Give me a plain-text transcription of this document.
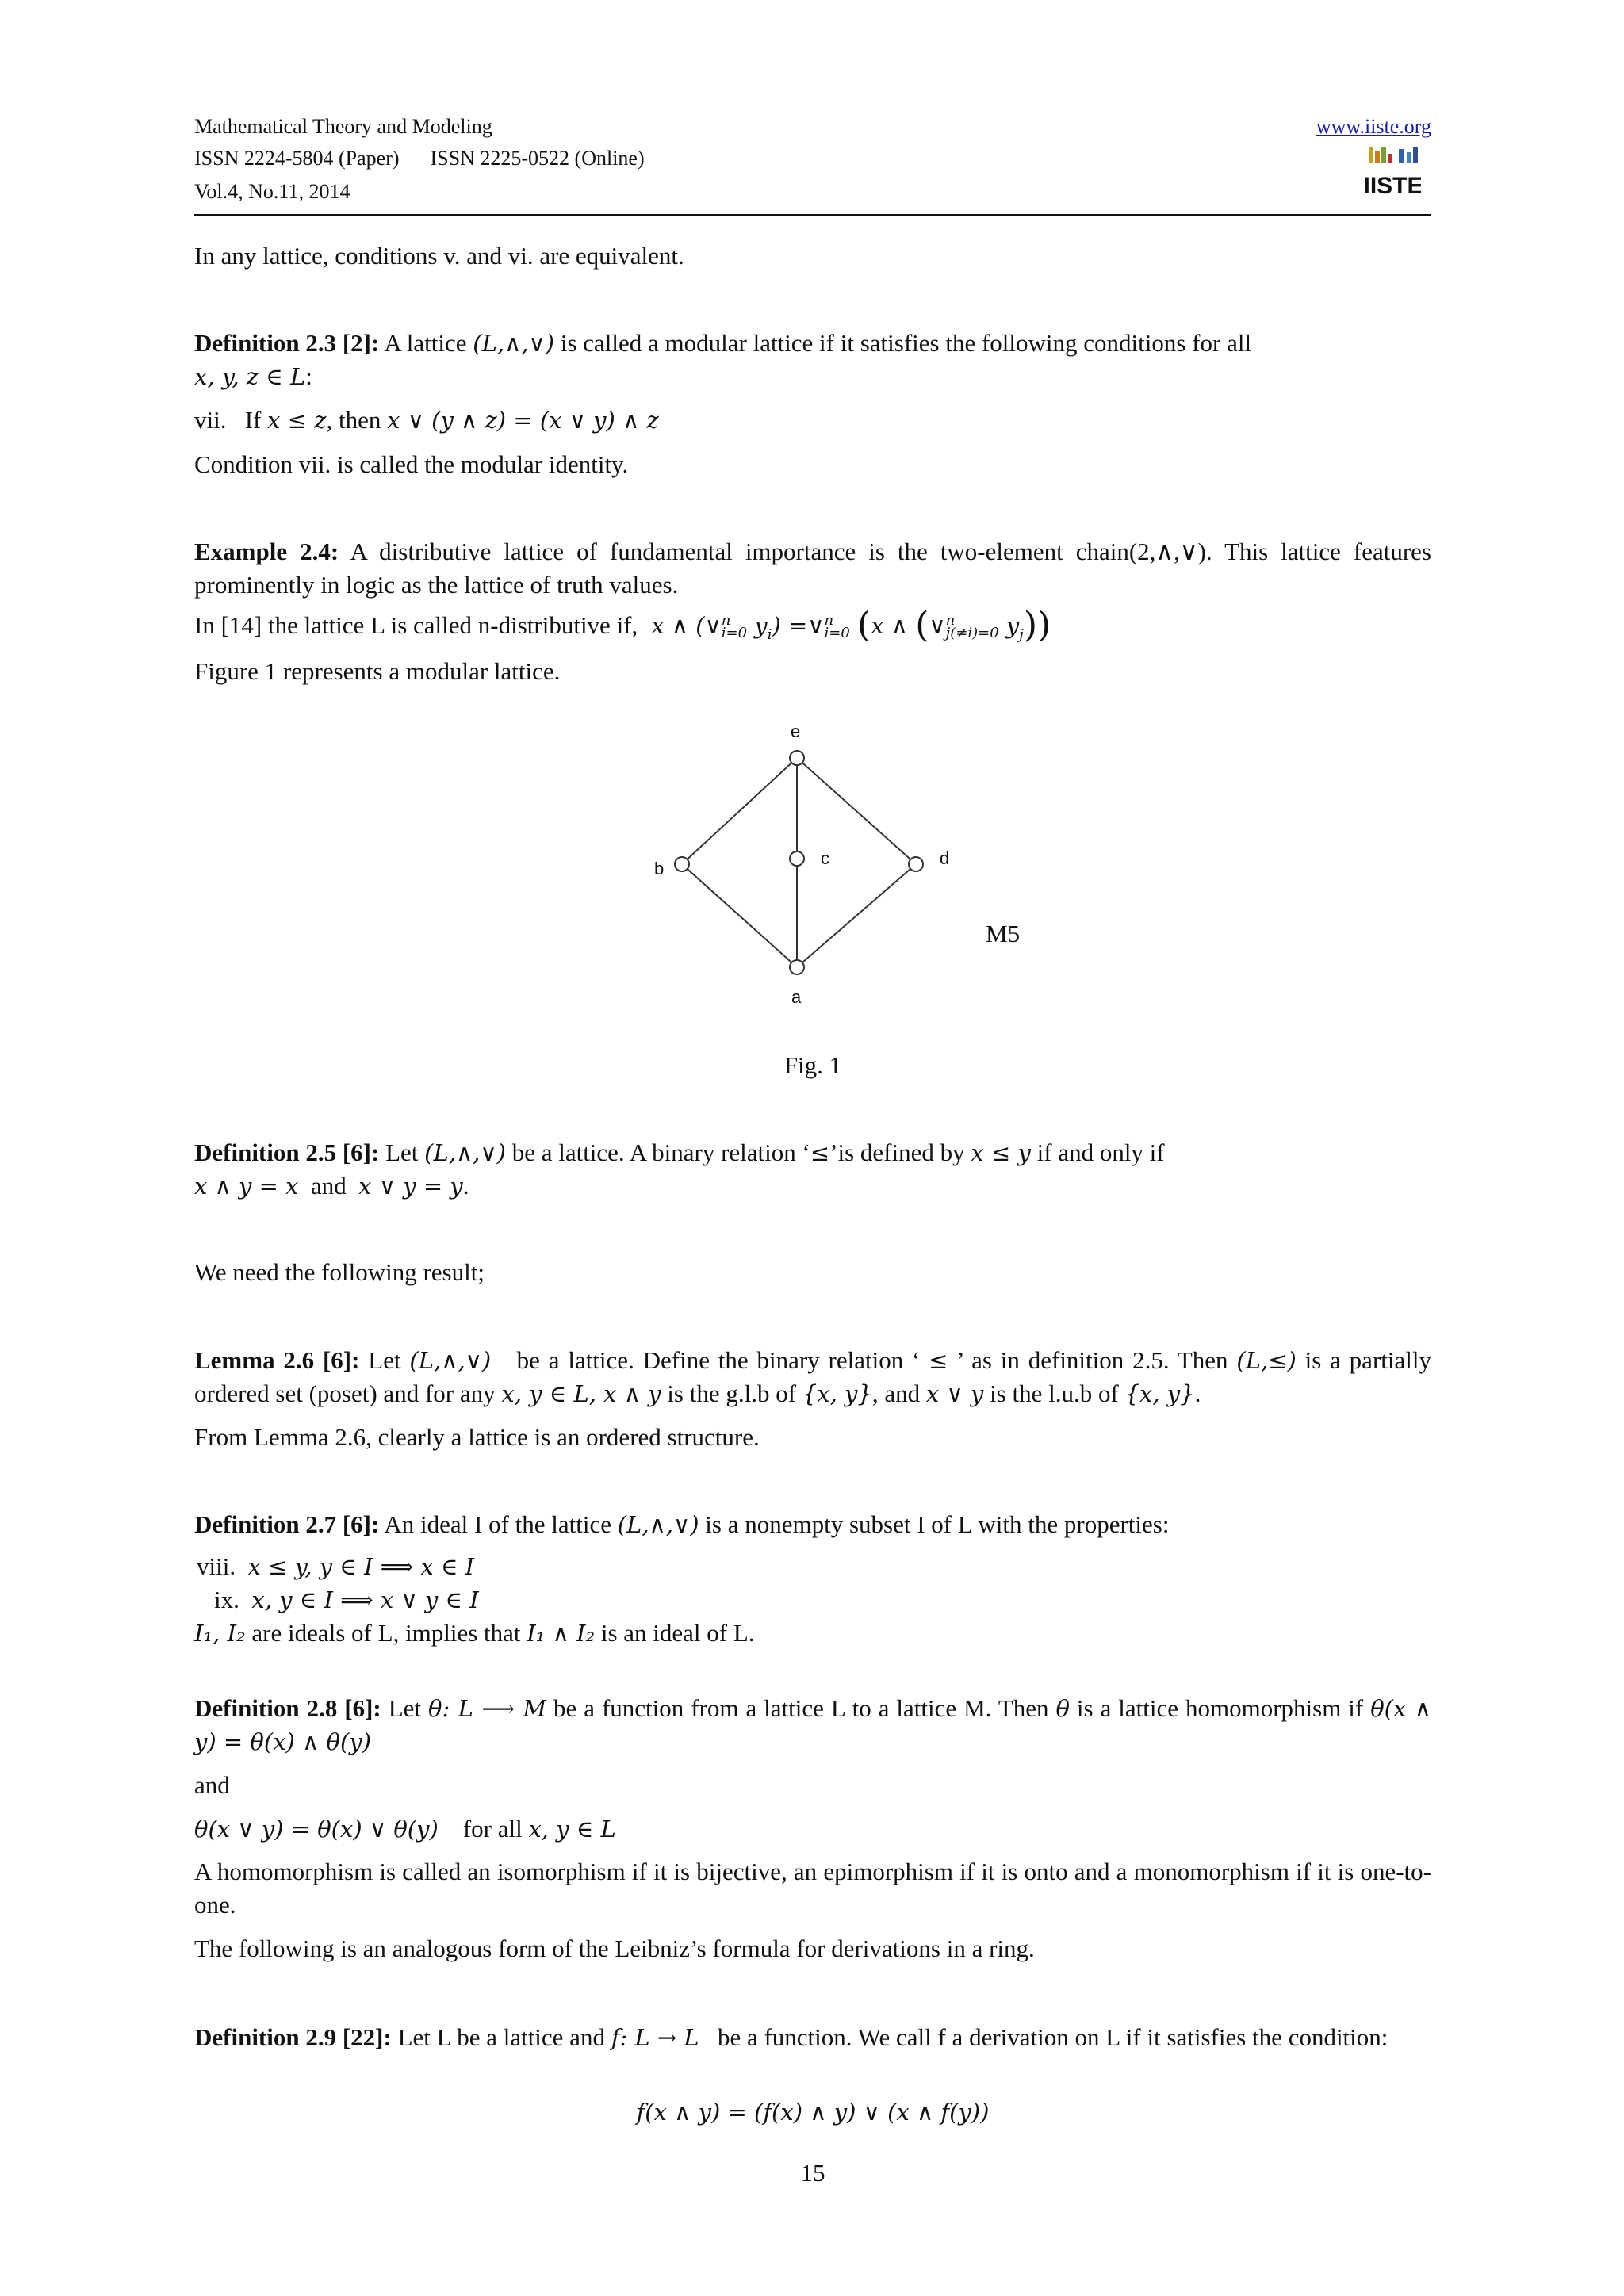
Mathematical Theory and Modeling
ISSN 2224-5804 (Paper)      ISSN 2225-0522 (Online)
Vol.4, No.11, 2014
www.iiste.org
IISTE
In any lattice, conditions v. and vi. are equivalent.
Definition 2.3 [2]: A lattice (L,∧,∨) is called a modular lattice if it satisfies the following conditions for all
x, y, z ∈ L:
vii.   If x ≤ z, then x ∨ (y ∧ z) = (x ∨ y) ∧ z
Condition vii. is called the modular identity.
Example 2.4: A distributive lattice of fundamental importance is the two-element chain(2,∧,∨). This lattice features prominently in logic as the lattice of truth values.
In [14] the lattice L is called n-distributive if,  x ∧ (∨ n
i=0 $y_i$) =∨ n
i=0 (x ∧ (∨ n
j(≠i)=0 $y_j$))
Figure 1 represents a modular lattice.
e
b
c	d
a
M5
Fig. 1
Definition 2.5 [6]: Let (L,∧,∨) be a lattice. A binary relation ‘≤’is defined by x ≤ y if and only if
x ∧ y = x  and  x ∨ y = y.
We need the following result;
Lemma 2.6 [6]: Let (L,∧,∨)   be a lattice. Define the binary relation ‘ ≤ ’ as in definition 2.5. Then (L,≤) is a partially ordered set (poset) and for any x, y ∈ L, x ∧ y is the g.l.b of {x, y}, and x ∨ y is the l.u.b of {x, y}.
From Lemma 2.6, clearly a lattice is an ordered structure.
Definition 2.7 [6]: An ideal I of the lattice (L,∧,∨) is a nonempty subset I of L with the properties:
viii. x ≤ y, y ∈ I ⟹ x ∈ I
ix. x, y ∈ I ⟹ x ∨ y ∈ I
I₁, I₂ are ideals of L, implies that I₁ ∧ I₂ is an ideal of L.
Definition 2.8 [6]: Let θ: L ⟶ M be a function from a lattice L to a lattice M. Then θ is a lattice homomorphism if θ(x ∧ y) = θ(x) ∧ θ(y)
and
θ(x ∨ y) = θ(x) ∨ θ(y)    for all x, y ∈ L
A homomorphism is called an isomorphism if it is bijective, an epimorphism if it is onto and a monomorphism if it is one-to-one.
The following is an analogous form of the Leibniz’s formula for derivations in a ring.
Definition 2.9 [22]: Let L be a lattice and f: L → L   be a function. We call f a derivation on L if it satisfies the condition:
f(x ∧ y) = (f(x) ∧ y) ∨ (x ∧ f(y))
15
